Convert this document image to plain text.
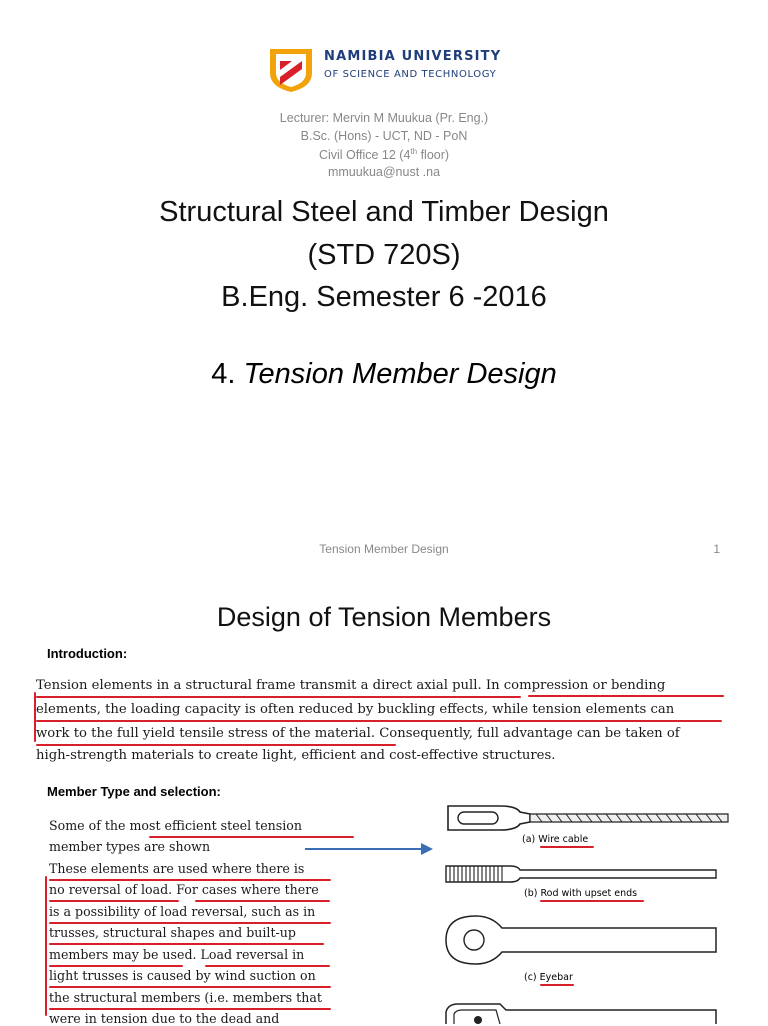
NAMIBIA UNIVERSITY
OF SCIENCE AND TECHNOLOGY
Lecturer: Mervin M Muukua (Pr. Eng.)
B.Sc. (Hons) - UCT, ND - PoN
Civil Office 12 (4th floor)
mmuukua@nust .na
Structural Steel and Timber Design
(STD 720S)
B.Eng. Semester 6 -2016
4. Tension Member Design
Tension Member Design	1
Design of Tension Members
Introduction:
Tension elements in a structural frame transmit a direct axial pull. In compression or bending
elements, the loading capacity is often reduced by buckling effects, while tension elements can
work to the full yield tensile stress of the material. Consequently, full advantage can be taken of
high-strength materials to create light, efficient and cost-effective structures.
Member Type and selection:
Some of the most efficient steel tension
member types are shown
These elements are used where there is
no reversal of load. For cases where there
is a possibility of load reversal, such as in
trusses, structural shapes and built-up
members may be used. Load reversal in
light trusses is caused by wind suction on
the structural members (i.e. members that
were in tension due to the dead and
(a) Wire cable
(b) Rod with upset ends
(c) Eyebar
